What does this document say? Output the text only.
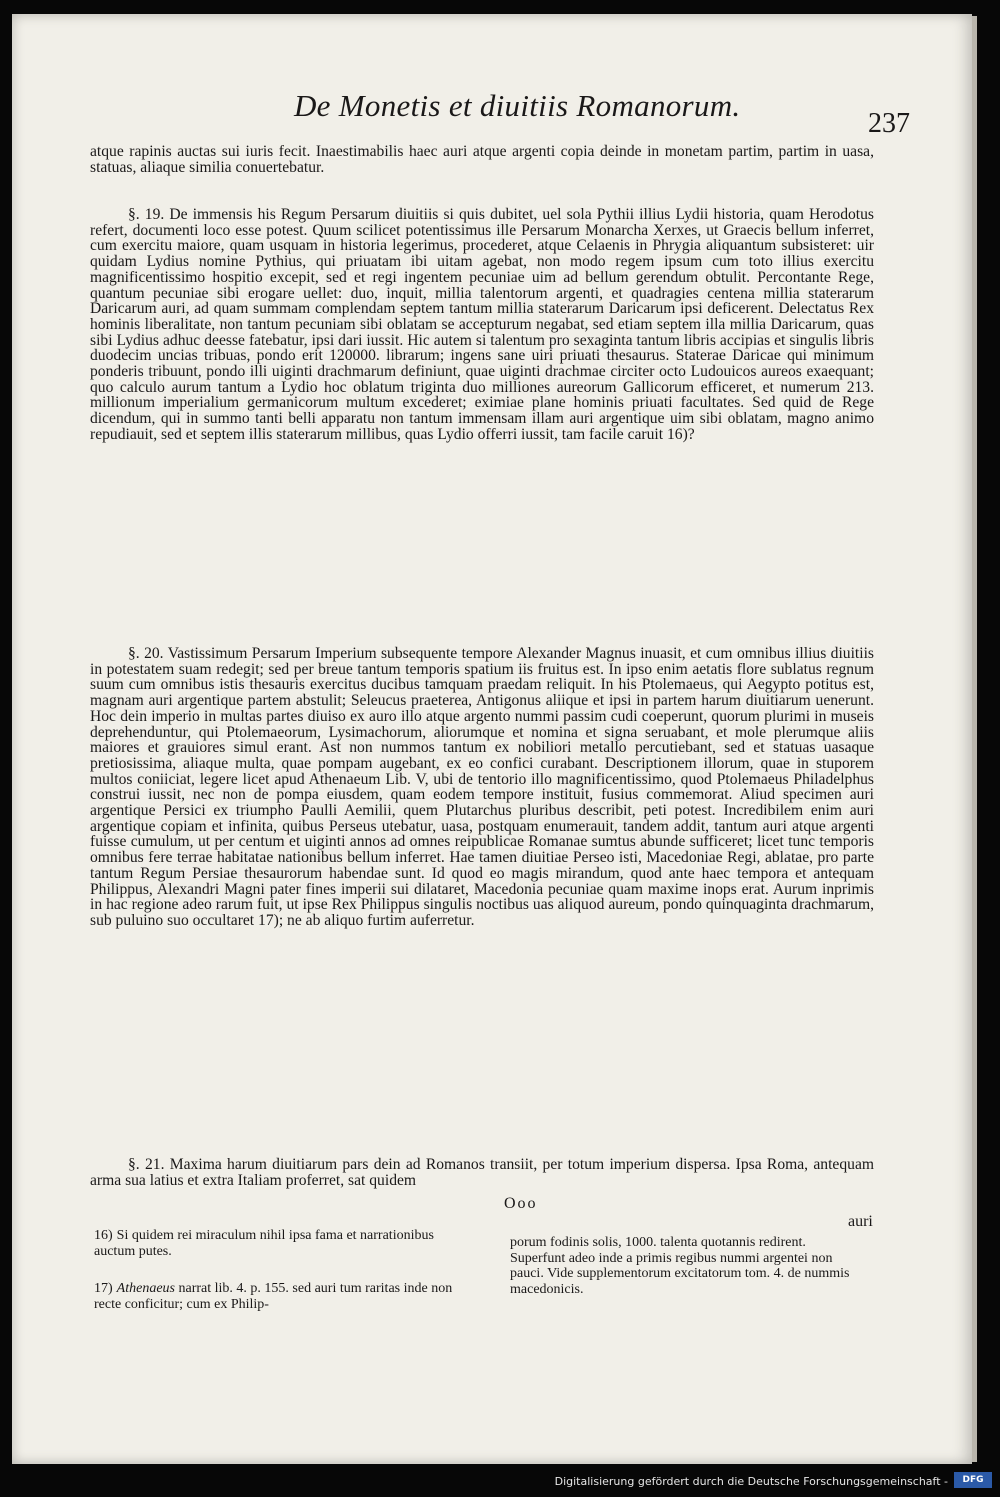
De Monetis et diuitiis Romanorum.
237

atque rapinis auctas sui iuris fecit. Inaestimabilis haec auri atque argenti copia deinde in monetam partim, partim in uasa, statuas, aliaque similia conuertebatur.

§. 19. De immensis his Regum Persarum diuitiis si quis dubitet, uel sola Pythii illius Lydii historia, quam Herodotus refert, documenti loco esse potest. Quum scilicet potentissimus ille Persarum Monarcha Xerxes, ut Graecis bellum inferret, cum exercitu maiore, quam usquam in historia legerimus, procederet, atque Celaenis in Phrygia aliquantum subsisteret: uir quidam Lydius nomine Pythius, qui priuatam ibi uitam agebat, non modo regem ipsum cum toto illius exercitu magnificentissimo hospitio excepit, sed et regi ingentem pecuniae uim ad bellum gerendum obtulit. Percontante Rege, quantum pecuniae sibi erogare uellet: duo, inquit, millia talentorum argenti, et quadragies centena millia staterarum Daricarum auri, ad quam summam complendam septem tantum millia staterarum Daricarum ipsi deficerent. Delectatus Rex hominis liberalitate, non tantum pecuniam sibi oblatam se accepturum negabat, sed etiam septem illa millia Daricarum, quas sibi Lydius adhuc deesse fatebatur, ipsi dari iussit. Hic autem si talentum pro sexaginta tantum libris accipias et singulis libris duodecim uncias tribuas, pondo erit 120000. librarum; ingens sane uiri priuati thesaurus. Staterae Daricae qui minimum ponderis tribuunt, pondo illi uiginti drachmarum definiunt, quae uiginti drachmae circiter octo Ludouicos aureos exaequant; quo calculo aurum tantum a Lydio hoc oblatum triginta duo milliones aureorum Gallicorum efficeret, et numerum 213. millionum imperialium germanicorum multum excederet; eximiae plane hominis priuati facultates. Sed quid de Rege dicendum, qui in summo tanti belli apparatu non tantum immensam illam auri argentique uim sibi oblatam, magno animo repudiauit, sed et septem illis staterarum millibus, quas Lydio offerri iussit, tam facile caruit 16)?

§. 20. Vastissimum Persarum Imperium subsequente tempore Alexander Magnus inuasit, et cum omnibus illius diuitiis in potestatem suam redegit; sed per breue tantum temporis spatium iis fruitus est. In ipso enim aetatis flore sublatus regnum suum cum omnibus istis thesauris exercitus ducibus tamquam praedam reliquit. In his Ptolemaeus, qui Aegypto potitus est, magnam auri argentique partem abstulit; Seleucus praeterea, Antigonus aliique et ipsi in partem harum diuitiarum uenerunt. Hoc dein imperio in multas partes diuiso ex auro illo atque argento nummi passim cudi coeperunt, quorum plurimi in museis deprehenduntur, qui Ptolemaeorum, Lysimachorum, aliorumque et nomina et signa seruabant, et mole plerumque aliis maiores et grauiores simul erant. Ast non nummos tantum ex nobiliori metallo percutiebant, sed et statuas uasaque pretiosissima, aliaque multa, quae pompam augebant, ex eo confici curabant. Descriptionem illorum, quae in stuporem multos coniiciat, legere licet apud Athenaeum Lib. V, ubi de tentorio illo magnificentissimo, quod Ptolemaeus Philadelphus construi iussit, nec non de pompa eiusdem, quam eodem tempore instituit, fusius commemorat. Aliud specimen auri argentique Persici ex triumpho Paulli Aemilii, quem Plutarchus pluribus describit, peti potest. Incredibilem enim auri argentique copiam et infinita, quibus Perseus utebatur, uasa, postquam enumerauit, tandem addit, tantum auri atque argenti fuisse cumulum, ut per centum et uiginti annos ad omnes reipublicae Romanae sumtus abunde sufficeret; licet tunc temporis omnibus fere terrae habitatae nationibus bellum inferret. Hae tamen diuitiae Perseo isti, Macedoniae Regi, ablatae, pro parte tantum Regum Persiae thesaurorum habendae sunt. Id quod eo magis mirandum, quod ante haec tempora et antequam Philippus, Alexandri Magni pater fines imperii sui dilataret, Macedonia pecuniae quam maxime inops erat. Aurum inprimis in hac regione adeo rarum fuit, ut ipse Rex Philippus singulis noctibus uas aliquod aureum, pondo quinquaginta drachmarum, sub puluino suo occultaret 17); ne ab aliquo furtim auferretur.

§. 21. Maxima harum diuitiarum pars dein ad Romanos transiit, per totum imperium dispersa. Ipsa Roma, antequam arma sua latius et extra Italiam proferret, sat quidem

Ooo
auri
16) Si quidem rei miraculum nihil ipsa fama et narrationibus auctum putes.
17) Athenaeus narrat lib. 4. p. 155. sed auri tum raritas inde non recte conficitur; cum ex Philip-
porum fodinis solis, 1000. talenta quotannis redirent. Superfunt adeo inde a primis regibus nummi argentei non pauci. Vide supplementorum excitatorum tom. 4. de nummis macedonicis.
Digitalisierung gefördert durch die Deutsche Forschungsgemeinschaft -	DFG
